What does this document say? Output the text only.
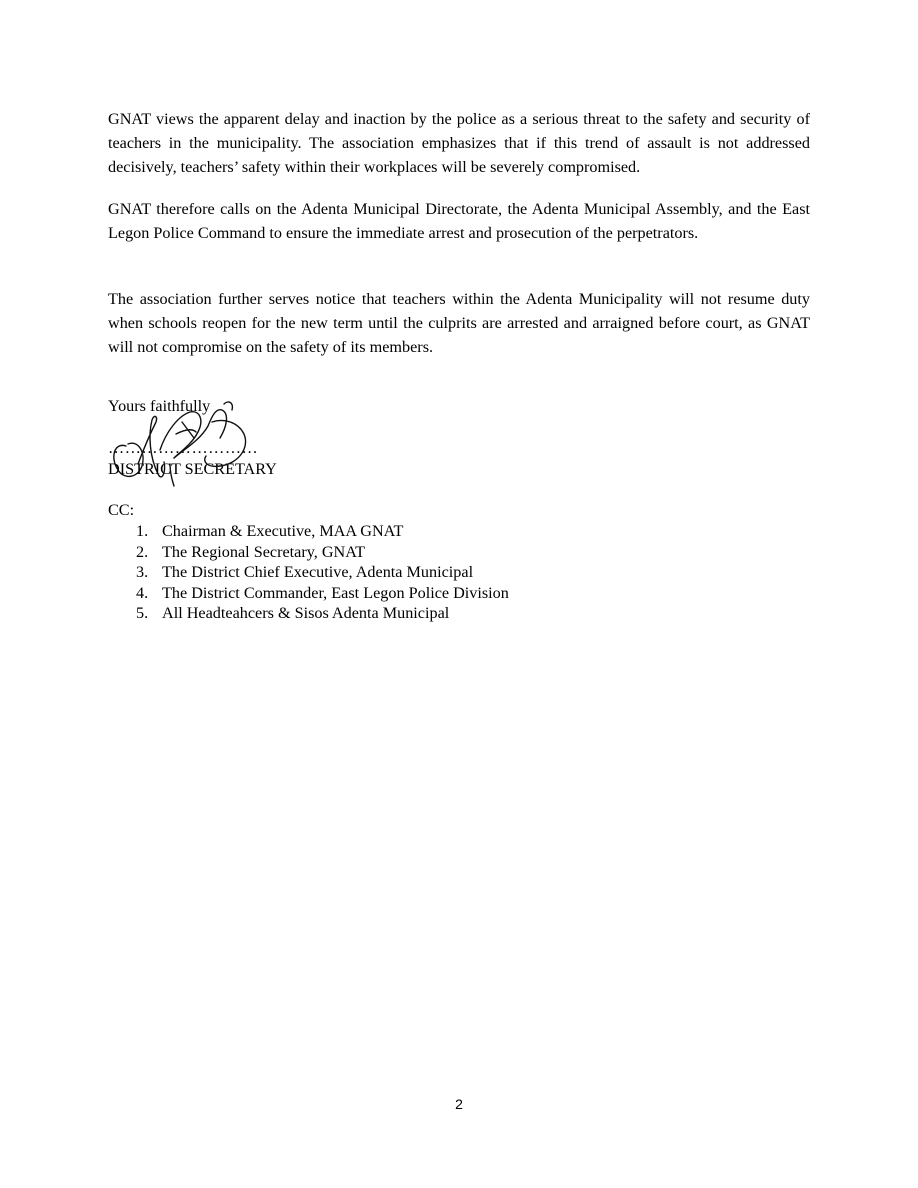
GNAT views the apparent delay and inaction by the police as a serious threat to the safety and security of teachers in the municipality. The association emphasizes that if this trend of assault is not addressed decisively, teachers’ safety within their workplaces will be severely compromised.

GNAT therefore calls on the Adenta Municipal Directorate, the Adenta Municipal Assembly, and the East Legon Police Command to ensure the immediate arrest and prosecution of the perpetrators.

The association further serves notice that teachers within the Adenta Municipality will not resume duty when schools reopen for the new term until the culprits are arrested and arraigned before court, as GNAT will not compromise on the safety of its members.

Yours faithfully
………………………
DISTRICT SECRETARY
CC:
1. Chairman & Executive, MAA GNAT
2. The Regional Secretary, GNAT
3. The District Chief Executive, Adenta Municipal
4. The District Commander, East Legon Police Division
5. All Headteahcers & Sisos Adenta Municipal
2
